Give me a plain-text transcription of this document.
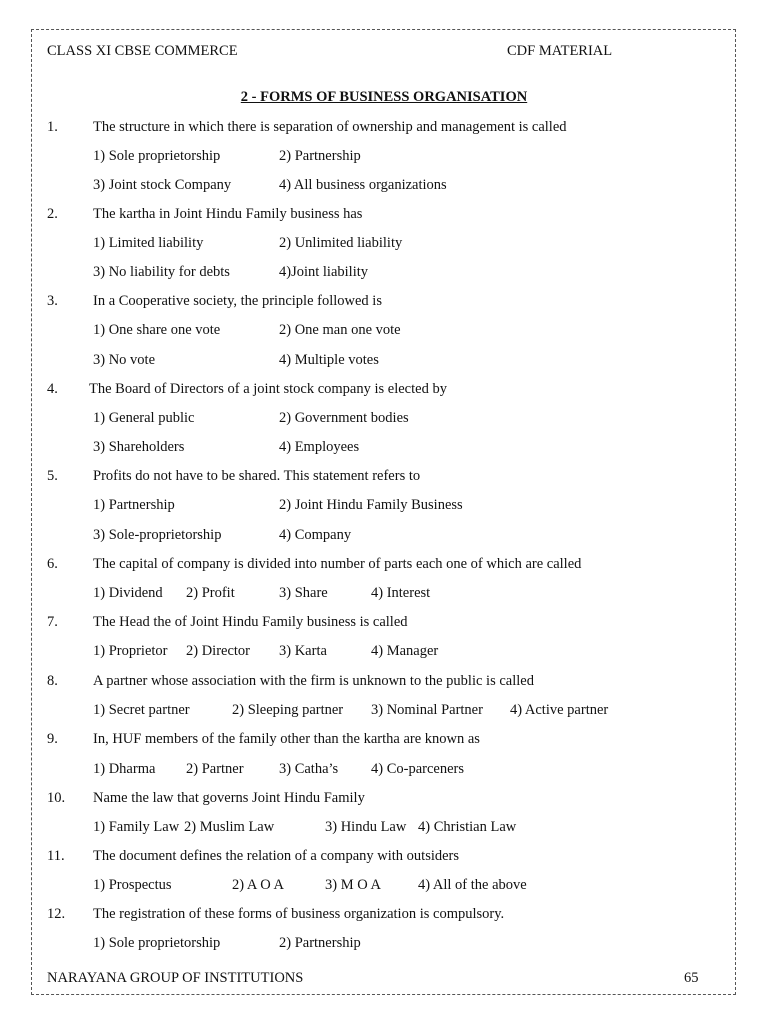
CLASS XI CBSE COMMERCE	CDF MATERIAL
2 - FORMS OF BUSINESS ORGANISATION
1. The structure in which there is separation of ownership and management is called
1) Sole proprietorship	2) Partnership
3) Joint stock Company	4) All business organizations
2. The kartha in Joint Hindu Family business has
1) Limited liability	2) Unlimited liability
3) No liability for debts	4)Joint liability
3. In a Cooperative society, the principle followed is
1) One share one vote	2) One man one vote
3) No vote	4) Multiple votes
4. The Board of Directors of a joint stock company is elected by
1) General public	2) Government bodies
3) Shareholders	4) Employees
5. Profits do not have to be shared. This statement refers to
1) Partnership	2) Joint Hindu Family Business
3) Sole-proprietorship	4) Company
6. The capital of company is divided into number of parts each one of which are called
1) Dividend 2) Profit	3) Share	4) Interest
7. The Head the of Joint Hindu Family business is called
1) Proprietor 2) Director 3) Karta	4) Manager
8. A partner whose association with the firm is unknown to the public is called
1) Secret partner	2) Sleeping partner 3) Nominal Partner 4) Active partner
9. In, HUF members of the family other than the kartha are known as
1) Dharma 2) Partner 3) Catha’s 4) Co-parceners
10. Name the law that governs Joint Hindu Family
1) Family Law 2) Muslim Law	3) Hindu Law 4) Christian Law
11. The document defines the relation of a company with outsiders
1) Prospectus	2) A O A	3) M O A	4) All of the above
12. The registration of these forms of business organization is compulsory.
1) Sole proprietorship	2) Partnership
NARAYANA GROUP OF INSTITUTIONS	65
